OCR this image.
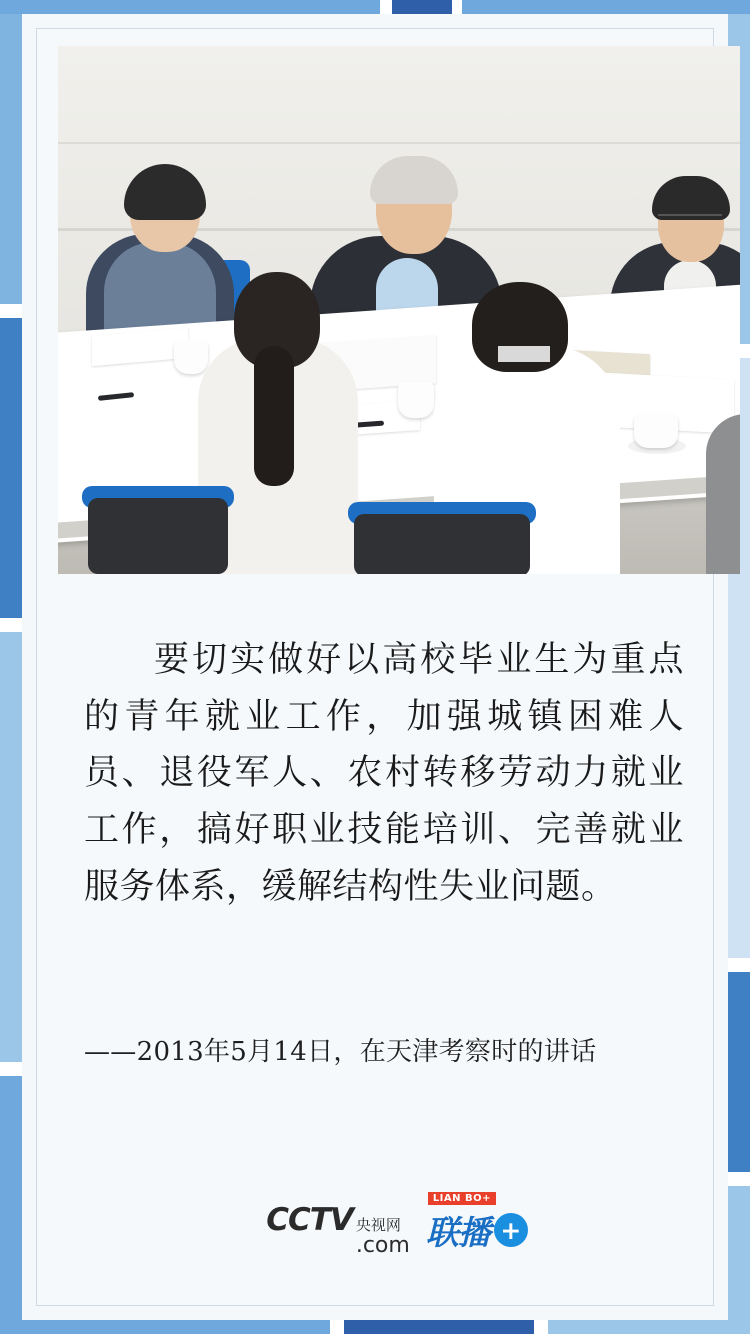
要切实做好以高校毕业生为重点的青年就业工作，加强城镇困难人员、退役军人、农村转移劳动力就业工作，搞好职业技能培训、完善就业服务体系，缓解结构性失业问题。
——2013年5月14日，在天津考察时的讲话
CCTV 央视网
.com
LIAN BO+
联播 +
